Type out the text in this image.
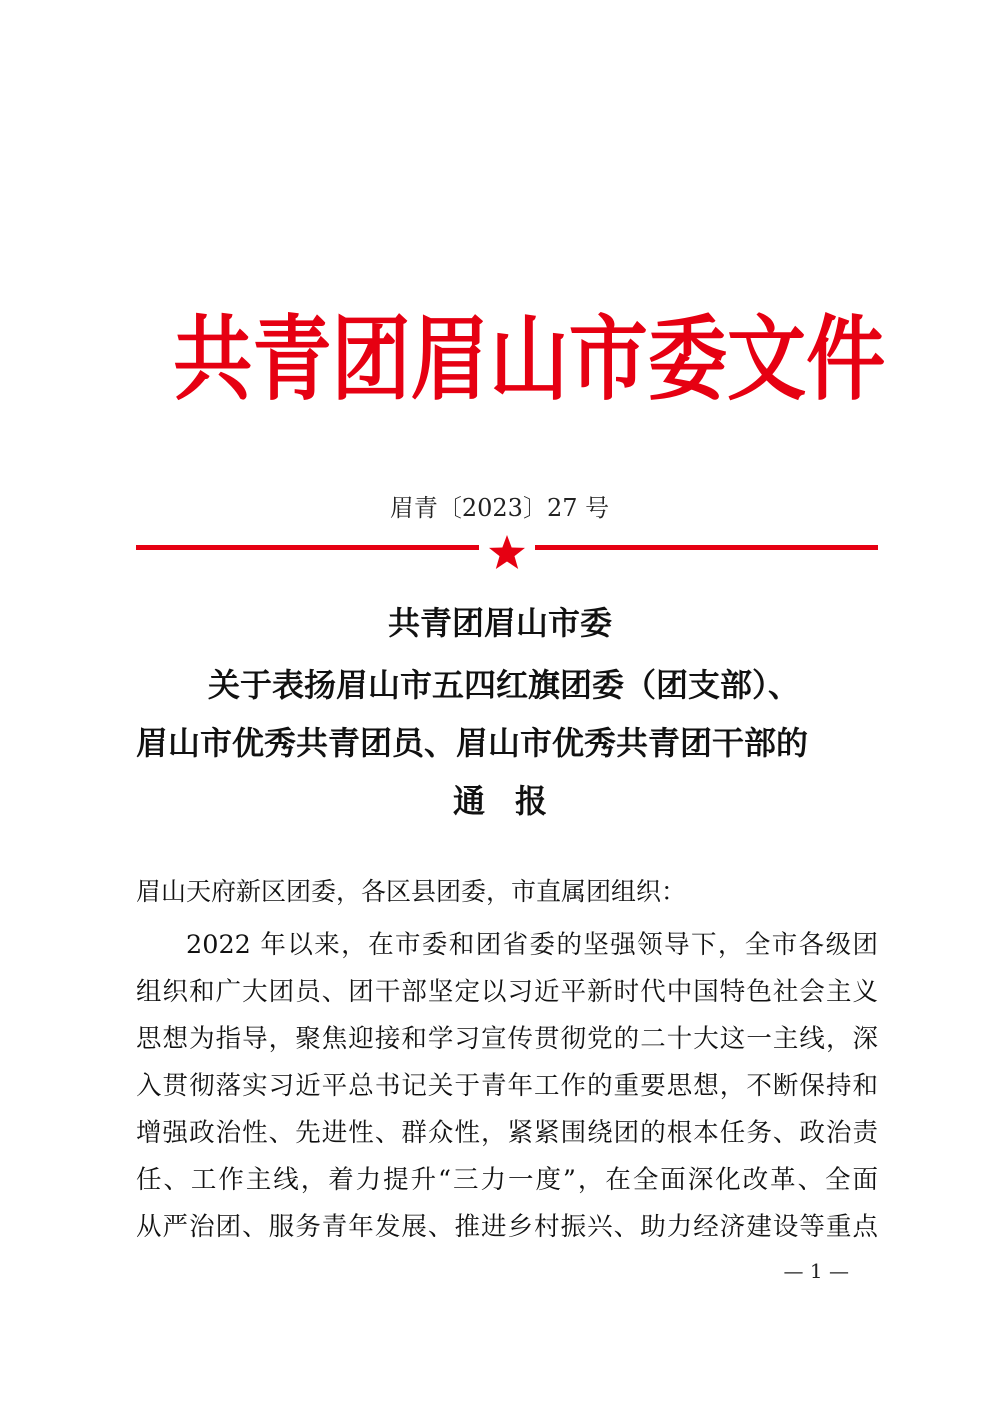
共青团眉山市委文件
眉青〔2023〕27 号
共青团眉山市委
关于表扬眉山市五四红旗团委（团支部）、
眉山市优秀共青团员、眉山市优秀共青团干部的
通报
眉山天府新区团委，各区县团委，市直属团组织：
2022 年以来，在市委和团省委的坚强领导下，全市各级团
组织和广大团员、团干部坚定以习近平新时代中国特色社会主义
思想为指导，聚焦迎接和学习宣传贯彻党的二十大这一主线，深
入贯彻落实习近平总书记关于青年工作的重要思想，不断保持和
增强政治性、先进性、群众性，紧紧围绕团的根本任务、政治责
任、工作主线，着力提升“三力一度”，在全面深化改革、全面
从严治团、服务青年发展、推进乡村振兴、助力经济建设等重点
— 1 —
